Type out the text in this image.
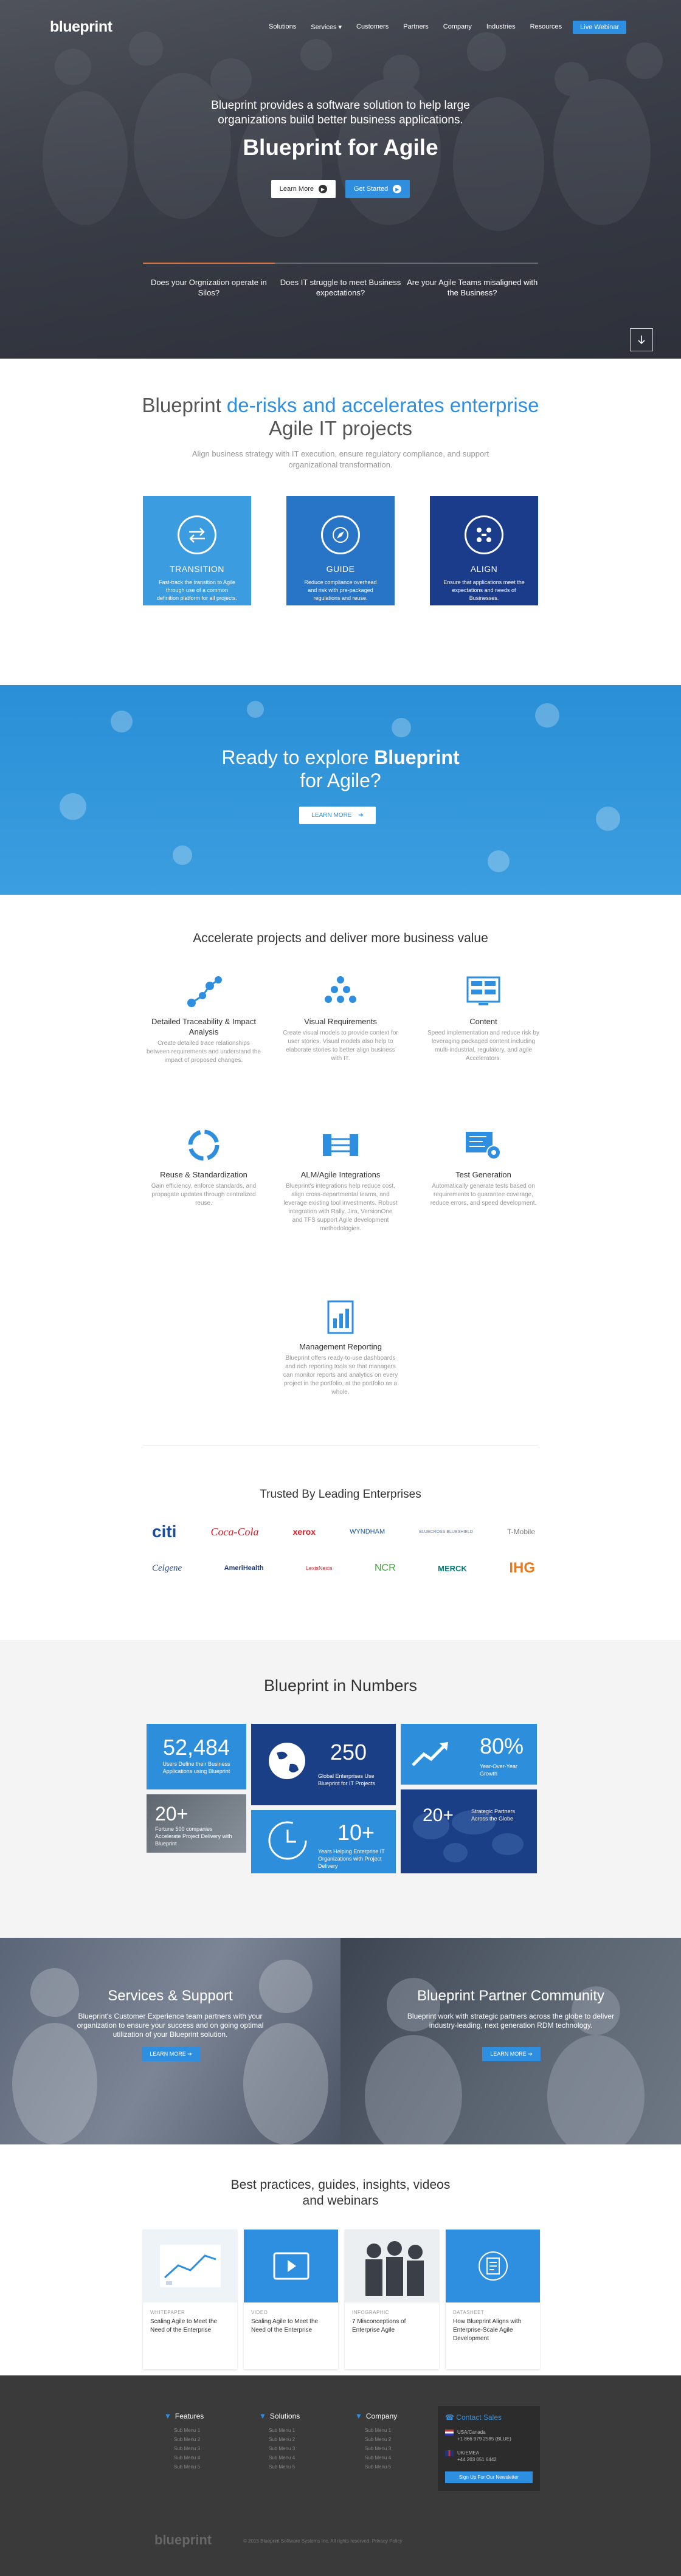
blueprint	Solutions	Services ▾	Customers	Partners	Company	Industries	Resources	Live Webinar
Blueprint provides a software solution to help large organizations build better business applications.
Blueprint for Agile
Learn More	▶	Get Started	▶
Does your Orgnization operate in Silos?
Does IT struggle to meet Business expectations?
Are your Agile Teams misaligned with the Business?
Blueprint de-risks and accelerates enterprise
Agile IT projects
Align business strategy with IT execution, ensure regulatory compliance, and support organizational transformation.
TRANSITION
Fast-track the transition to Agile through use of a common definition platform for all projects.
GUIDE
Reduce compliance overhead and risk with pre-packaged regulations and reuse.
ALIGN
Ensure that applications meet the expectations and needs of Businesses.
Ready to explore Blueprint
for Agile?
LEARN MORE ➔
Accelerate projects and deliver more business value
Detailed Traceability & Impact Analysis
Create detailed trace relationships between requirements and understand the impact of proposed changes.
Visual Requirements
Create visual models to provide context for user stories. Visual models also help to elaborate stories to better align business with IT.
Content
Speed implementation and reduce risk by leveraging packaged content including multi-industrial, regulatory, and agile Accelerators.
Reuse & Standardization
Gain efficiency, enforce standards, and propagate updates through centralized reuse.
ALM/Agile Integrations
Blueprint's integrations help reduce cost, align cross-departmental teams, and leverage existing tool investments. Robust integration with Rally, Jira, VersionOne and TFS support Agile development methodologies.
Test Generation
Automatically generate tests based on requirements to guarantee coverage, reduce errors, and speed development.
Management Reporting
Blueprint offers ready-to-use dashboards and rich reporting tools so that managers can monitor reports and analytics on every project in the portfolio, at the portfolio as a whole.
Trusted By Leading Enterprises
citi	Coca-Cola	xerox	WYNDHAM	BLUECROSS BLUESHIELD	T-Mobile
Celgene	AmeriHealth	LexisNexis	NCR	MERCK	IHG
Blueprint in Numbers
52,484
Users Define their Business Applications using Blueprint
250
Global Enterprises Use Blueprint for IT Projects
80%
Year-Over-Year Growth
20+
Fortune 500 companies Accelerate Project Delivery with Blueprint	10+
Years Helping Enterprise IT Organizations with Project Delivery
20+	Strategic Partners Across the Globe
Services & Support

Blueprint's Customer Experience team partners with your organization to ensure your success and on going optimal utilization of your Blueprint solution.

LEARN MORE ➔
Blueprint Partner Community

Blueprint work with strategic partners across the globe to deliver industry-leading, next generation RDM technology.

LEARN MORE ➔
Best practices, guides, insights, videos
and webinars
WHITEPAPER
Scaling Agile to Meet the Need of the Enterprise
VIDEO
Scaling Agile to Meet the Need of the Enterprise
INFOGRAPHIC
7 Misconceptions of Enterprise Agile
DATASHEET
How Blueprint Aligns with Enterprise-Scale Agile Development
▼ Features
Sub Menu 1
Sub Menu 2
Sub Menu 3
Sub Menu 4
Sub Menu 5
▼ Solutions
Sub Menu 1
Sub Menu 2
Sub Menu 3
Sub Menu 4
Sub Menu 5
▼ Company
Sub Menu 1
Sub Menu 2
Sub Menu 3
Sub Menu 4
Sub Menu 5
☎ Contact Sales
USA/Canada
+1 866 979 2585 (BLUE)
UK/EMEA
+44 203 051 6442
Sign Up For Our Newsletter
blueprint	© 2015 Blueprint Software Systems Inc. All rights reserved. Privacy Policy
